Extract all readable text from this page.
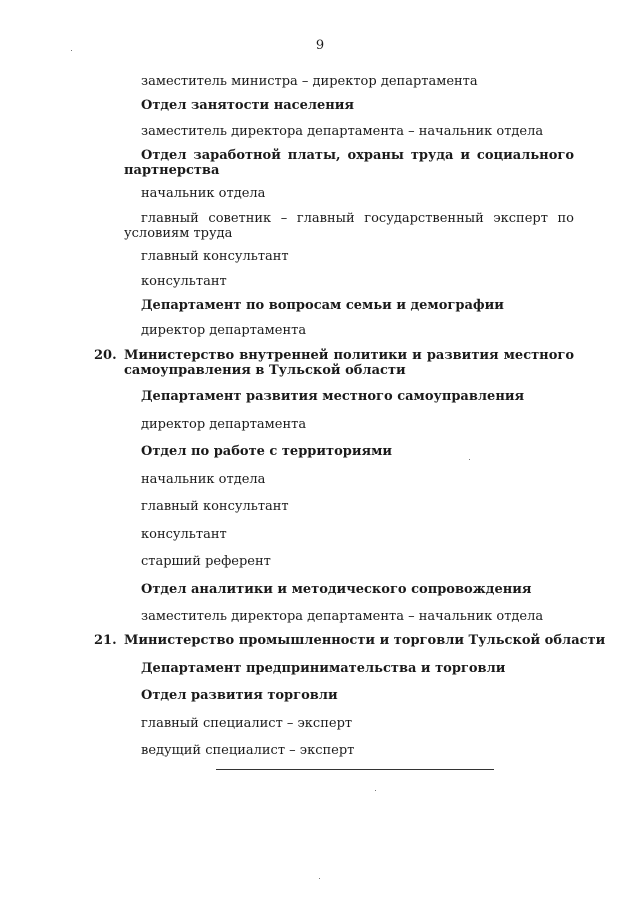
9
заместитель министра – директор департамента
Отдел занятости населения
заместитель директора департамента – начальник отдела
Отдел заработной платы, охраны труда и социального партнерства
начальник отдела
главный советник – главный государственный эксперт по условиям труда
главный консультант
консультант
Департамент по вопросам семьи и демографии
директор департамента
20. Министерство внутренней политики и развития местного самоуправления в Тульской области
Департамент развития местного самоуправления
директор департамента
Отдел по работе с территориями
начальник отдела
главный консультант
консультант
старший референт
Отдел аналитики и методического сопровождения
заместитель директора департамента – начальник отдела
21. Министерство промышленности и торговли Тульской области
Департамент предпринимательства и торговли
Отдел развития торговли
главный специалист – эксперт
ведущий специалист – эксперт
